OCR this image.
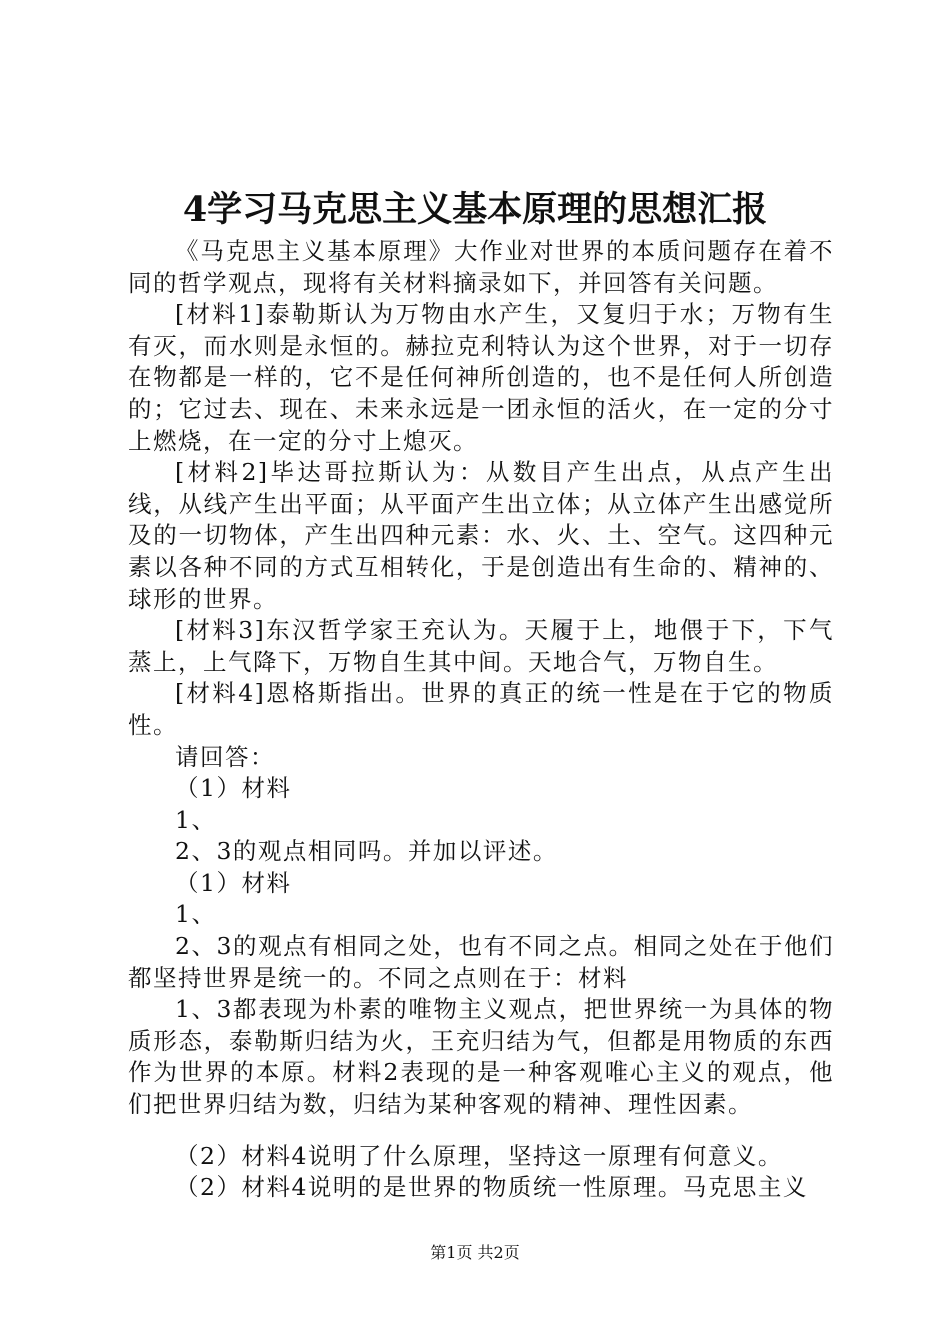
4学习马克思主义基本原理的思想汇报

《马克思主义基本原理》大作业对世界的本质问题存在着不同的哲学观点，现将有关材料摘录如下，并回答有关问题。

[材料1]泰勒斯认为万物由水产生，又复归于水；万物有生有灭，而水则是永恒的。赫拉克利特认为这个世界，对于一切存在物都是一样的，它不是任何神所创造的，也不是任何人所创造的；它过去、现在、未来永远是一团永恒的活火，在一定的分寸上燃烧，在一定的分寸上熄灭。

[材料2]毕达哥拉斯认为：从数目产生出点，从点产生出线，从线产生出平面；从平面产生出立体；从立体产生出感觉所及的一切物体，产生出四种元素：水、火、土、空气。这四种元素以各种不同的方式互相转化，于是创造出有生命的、精神的、球形的世界。

[材料3]东汉哲学家王充认为。天履于上，地偎于下，下气蒸上，上气降下，万物自生其中间。天地合气，万物自生。

[材料4]恩格斯指出。世界的真正的统一性是在于它的物质性。

请回答：

（1）材料

1、

2、3的观点相同吗。并加以评述。

（1）材料

1、

2、3的观点有相同之处，也有不同之点。相同之处在于他们都坚持世界是统一的。不同之点则在于：材料

1、3都表现为朴素的唯物主义观点，把世界统一为具体的物质形态，泰勒斯归结为火，王充归结为气，但都是用物质的东西作为世界的本原。材料2表现的是一种客观唯心主义的观点，他们把世界归结为数，归结为某种客观的精神、理性因素。

（2）材料4说明了什么原理，坚持这一原理有何意义。

（2）材料4说明的是世界的物质统一性原理。马克思主义

第1页 共2页
